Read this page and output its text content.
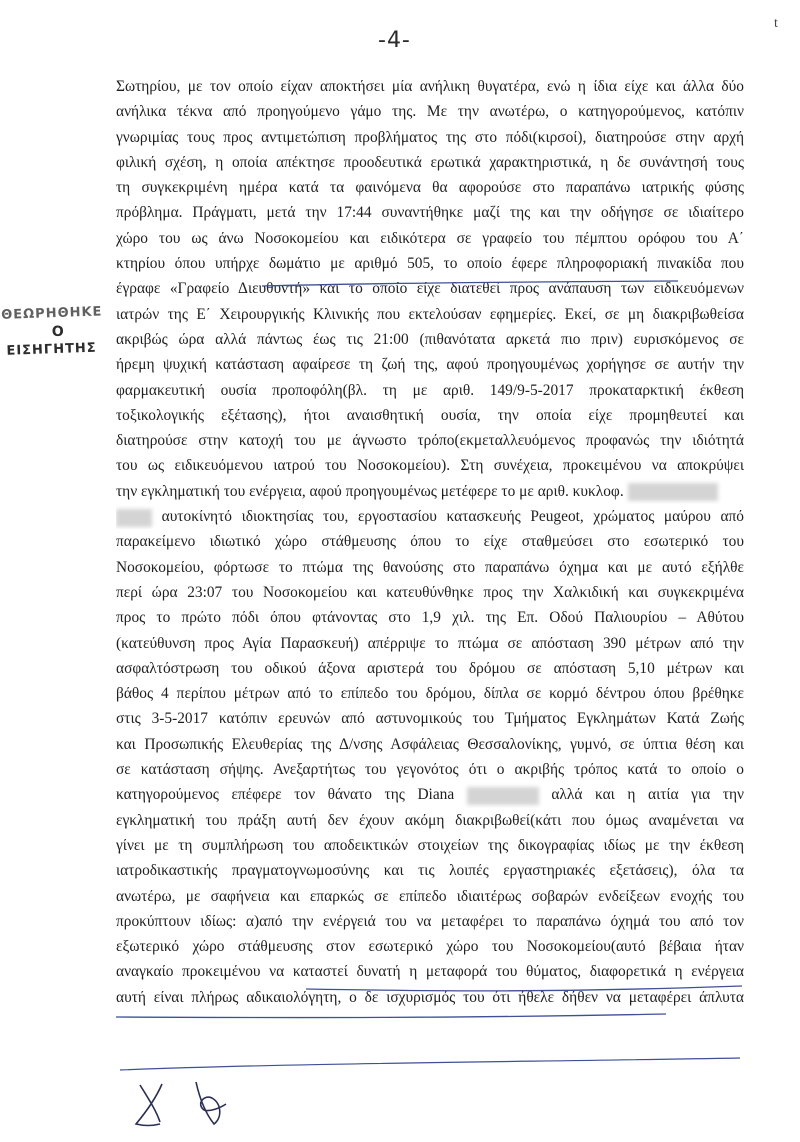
-4-
t
ΘΕΩΡΗΘΗΚΕ
Ο
ΕΙΣΗΓΗΤΗΣ
Σωτηρίου, με τον οποίο είχαν αποκτήσει μία ανήλικη θυγατέρα, ενώ η ίδια είχε και άλλα δύο
ανήλικα τέκνα από προηγούμενο γάμο της. Με την ανωτέρω, ο κατηγορούμενος, κατόπιν
γνωριμίας τους προς αντιμετώπιση προβλήματος της στο πόδι(κιρσοί), διατηρούσε στην αρχή
φιλική σχέση, η οποία απέκτησε προοδευτικά ερωτικά χαρακτηριστικά, η δε συνάντησή τους
τη συγκεκριμένη ημέρα κατά τα φαινόμενα θα αφορούσε στο παραπάνω ιατρικής φύσης
πρόβλημα. Πράγματι, μετά την 17:44 συναντήθηκε μαζί της και την οδήγησε σε ιδιαίτερο
χώρο του ως άνω Νοσοκομείου και ειδικότερα σε γραφείο του πέμπτου ορόφου του Α΄
κτηρίου όπου υπήρχε δωμάτιο με αριθμό 505, το οποίο έφερε πληροφοριακή πινακίδα που
έγραφε «Γραφείο Διευθυντή» και το οποίο είχε διατεθεί προς ανάπαυση των ειδικευόμενων
ιατρών της Ε΄ Χειρουργικής Κλινικής που εκτελούσαν εφημερίες. Εκεί, σε μη διακριβωθείσα
ακριβώς ώρα αλλά πάντως έως τις 21:00 (πιθανότατα αρκετά πιο πριν) ευρισκόμενος σε
ήρεμη ψυχική κατάσταση αφαίρεσε τη ζωή της, αφού προηγουμένως χορήγησε σε αυτήν την
φαρμακευτική ουσία προποφόλη(βλ. τη με αριθ. 149/9-5-2017 προκαταρκτική έκθεση
τοξικολογικής εξέτασης), ήτοι αναισθητική ουσία, την οποία είχε προμηθευτεί και
διατηρούσε στην κατοχή του με άγνωστο τρόπο(εκμεταλλευόμενος προφανώς την ιδιότητά
του ως ειδικευόμενου ιατρού του Νοσοκομείου). Στη συνέχεια, προκειμένου να αποκρύψει
την εγκληματική του ενέργεια, αφού προηγουμένως μετέφερε το με αριθ. κυκλοφ.
αυτοκίνητό ιδιοκτησίας του, εργοστασίου κατασκευής Peugeot, χρώματος μαύρου από
παρακείμενο ιδιωτικό χώρο στάθμευσης όπου το είχε σταθμεύσει στο εσωτερικό του
Νοσοκομείου, φόρτωσε το πτώμα της θανούσης στο παραπάνω όχημα και με αυτό εξήλθε
περί ώρα 23:07 του Νοσοκομείου και κατευθύνθηκε προς την Χαλκιδική και συγκεκριμένα
προς το πρώτο πόδι όπου φτάνοντας στο 1,9 χιλ. της Επ. Οδού Παλιουρίου – Αθύτου
(κατεύθυνση προς Αγία Παρασκευή) απέρριψε το πτώμα σε απόσταση 390 μέτρων από την
ασφαλτόστρωση του οδικού άξονα αριστερά του δρόμου σε απόσταση 5,10 μέτρων και
βάθος 4 περίπου μέτρων από το επίπεδο του δρόμου, δίπλα σε κορμό δέντρου όπου βρέθηκε
στις 3-5-2017 κατόπιν ερευνών από αστυνομικούς του Τμήματος Εγκλημάτων Κατά Ζωής
και Προσωπικής Ελευθερίας της Δ/νσης Ασφάλειας Θεσσαλονίκης, γυμνό, σε ύπτια θέση και
σε κατάσταση σήψης. Ανεξαρτήτως του γεγονότος ότι ο ακριβής τρόπος κατά το οποίο ο
κατηγορούμενος επέφερε τον θάνατο της Diana	αλλά και η αιτία για την
εγκληματική του πράξη αυτή δεν έχουν ακόμη διακριβωθεί(κάτι που όμως αναμένεται να
γίνει με τη συμπλήρωση του αποδεικτικών στοιχείων της δικογραφίας ιδίως με την έκθεση
ιατροδικαστικής πραγματογνωμοσύνης και τις λοιπές εργαστηριακές εξετάσεις), όλα τα
ανωτέρω, με σαφήνεια και επαρκώς σε επίπεδο ιδιαιτέρως σοβαρών ενδείξεων ενοχής του
προκύπτουν ιδίως: α)από την ενέργειά του να μεταφέρει το παραπάνω όχημά του από τον
εξωτερικό χώρο στάθμευσης στον εσωτερικό χώρο του Νοσοκομείου(αυτό βέβαια ήταν
αναγκαίο προκειμένου να καταστεί δυνατή η μεταφορά του θύματος, διαφορετικά η ενέργεια
αυτή είναι πλήρως αδικαιολόγητη, ο δε ισχυρισμός του ότι ήθελε δήθεν να μεταφέρει άπλυτα
